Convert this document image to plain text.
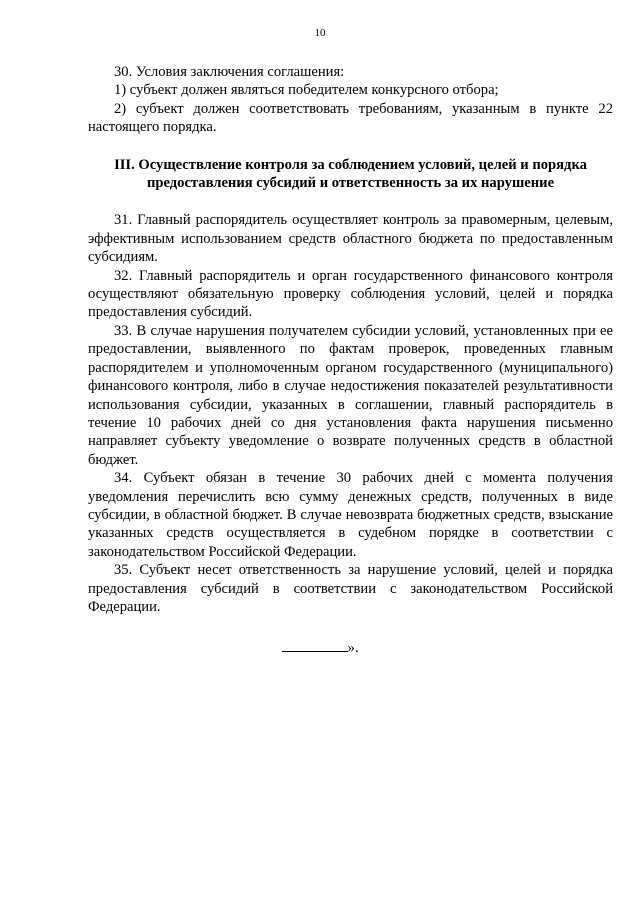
10

30. Условия заключения соглашения:

1) субъект должен являться победителем конкурсного отбора;

2) субъект должен соответствовать требованиям, указанным в пункте 22 настоящего порядка.

III. Осуществление контроля за соблюдением условий, целей и порядка
предоставления субсидий и ответственность за их нарушение

31. Главный распорядитель осуществляет контроль за правомерным, целевым, эффективным использованием средств областного бюджета по предоставленным субсидиям.

32. Главный распорядитель и орган государственного финансового контроля осуществляют обязательную проверку соблюдения условий, целей и порядка предоставления субсидий.

33. В случае нарушения получателем субсидии условий, установленных при ее предоставлении, выявленного по фактам проверок, проведенных главным распорядителем и уполномоченным органом государственного (муниципального) финансового контроля, либо в случае недостижения показателей результативности использования субсидии, указанных в соглашении, главный распорядитель в течение 10 рабочих дней со дня установления факта нарушения письменно направляет субъекту уведомление о возврате полученных средств в областной бюджет.

34. Субъект обязан в течение 30 рабочих дней с момента получения уведомления перечислить всю сумму денежных средств, полученных в виде субсидии, в областной бюджет. В случае невозврата бюджетных средств, взыскание указанных средств осуществляется в судебном порядке в соответствии с законодательством Российской Федерации.

35. Субъект несет ответственность за нарушение условий, целей и порядка предоставления субсидий в соответствии с законодательством Российской Федерации.

».
